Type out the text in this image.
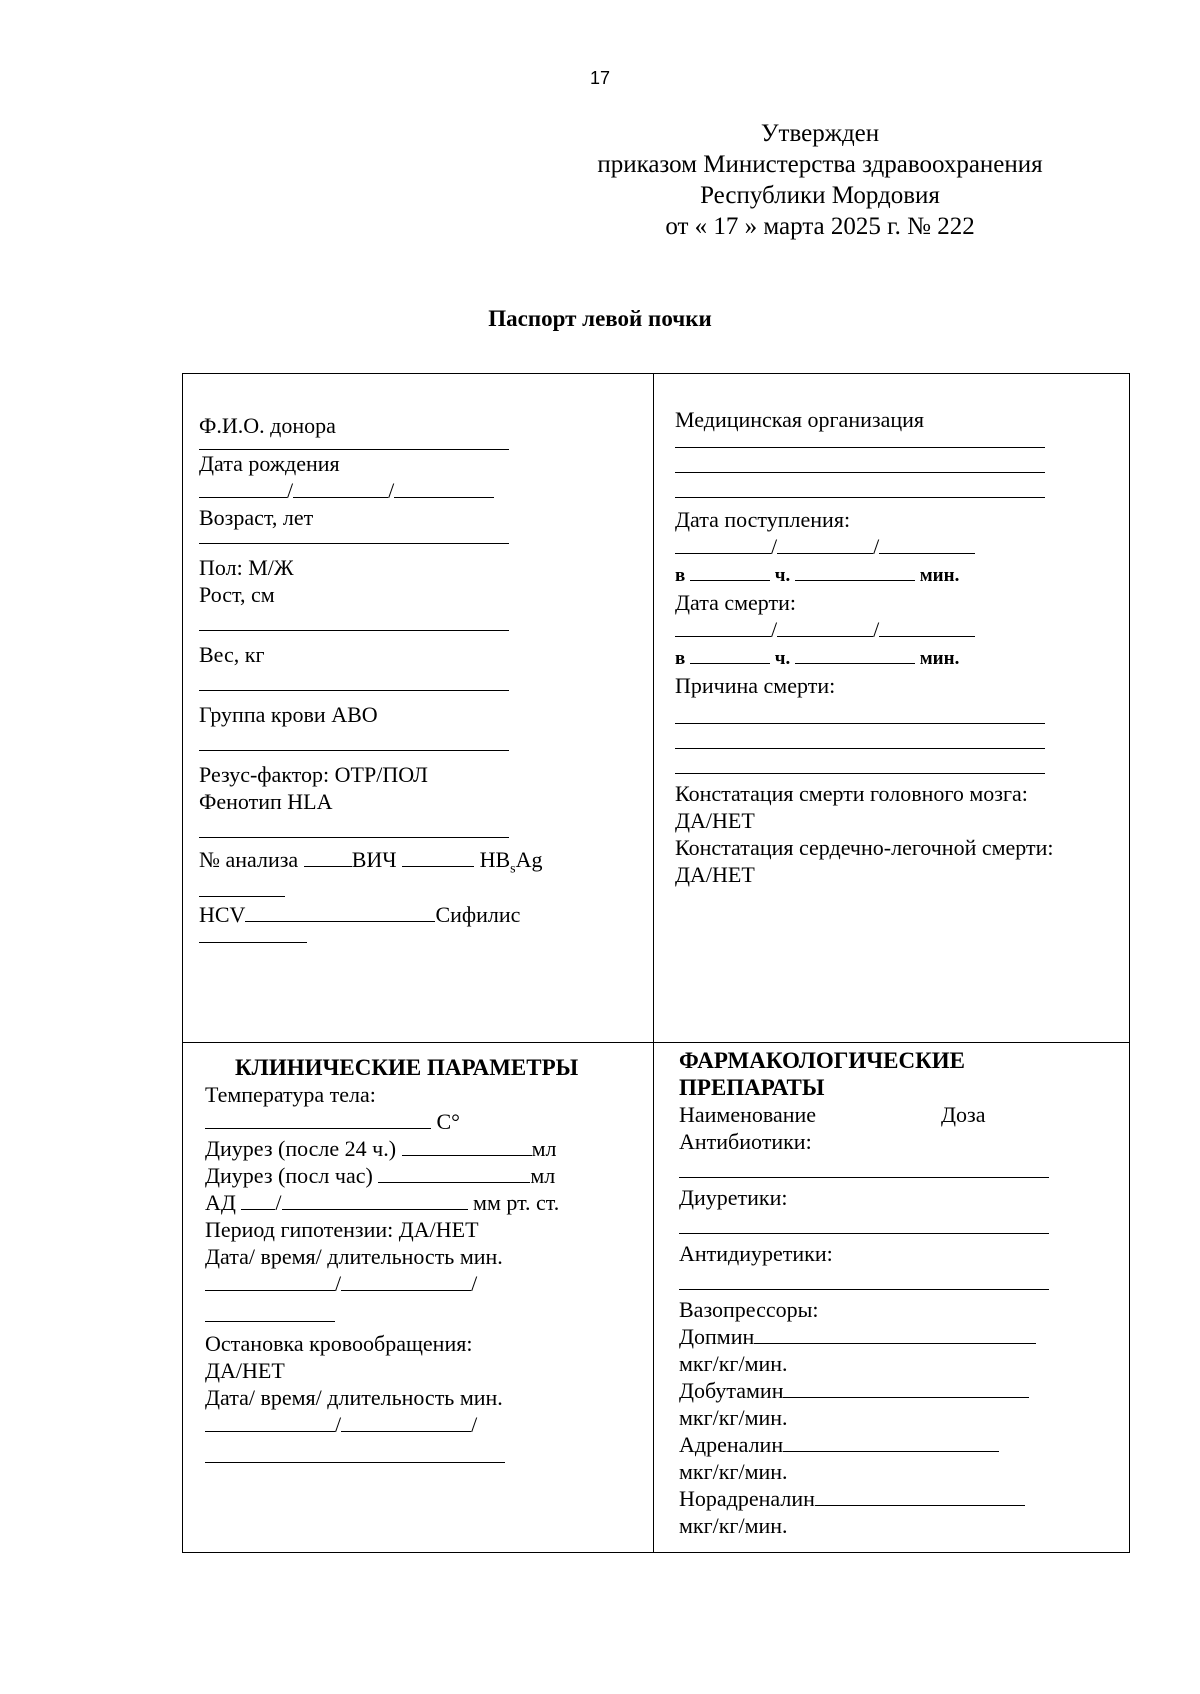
17
Утвержден
приказом Министерства здравоохранения
Республики Мордовия
от « 17 » марта 2025 г. № 222
Паспорт левой почки
Ф.И.О. донора
Дата рождения
/	/
Возраст, лет
Пол: М/Ж
Рост, см
Вес, кг
Группа крови АВО
Резус-фактор: ОТР/ПОЛ
Фенотип HLA
№ анализа ВИЧ	$HB_sAg$
HCV	Сифилис
Медицинская организация
Дата поступления:
/	/
в	ч.	мин.
Дата смерти:
/	/
в	ч.	мин.
Причина смерти:
Констатация смерти головного мозга:
ДА/НЕТ
Констатация сердечно-легочной смерти:
ДА/НЕТ
КЛИНИЧЕСКИЕ ПАРАМЕТРЫ
Температура тела:
С°
Диурез (после 24 ч.)	мл
Диурез (посл час)	мл
АД /	мм рт. ст.
Период гипотензии: ДА/НЕТ
Дата/ время/ длительность мин.
/	/
Остановка кровообращения:
ДА/НЕТ
Дата/ время/ длительность мин.
/	/
ФАРМАКОЛОГИЧЕСКИЕ
ПРЕПАРАТЫ
Наименование	Доза
Антибиотики:
Диуретики:
Антидиуретики:
Вазопрессоры:
Допмин
мкг/кг/мин.
Добутамин
мкг/кг/мин.
Адреналин
мкг/кг/мин.
Норадреналин
мкг/кг/мин.
